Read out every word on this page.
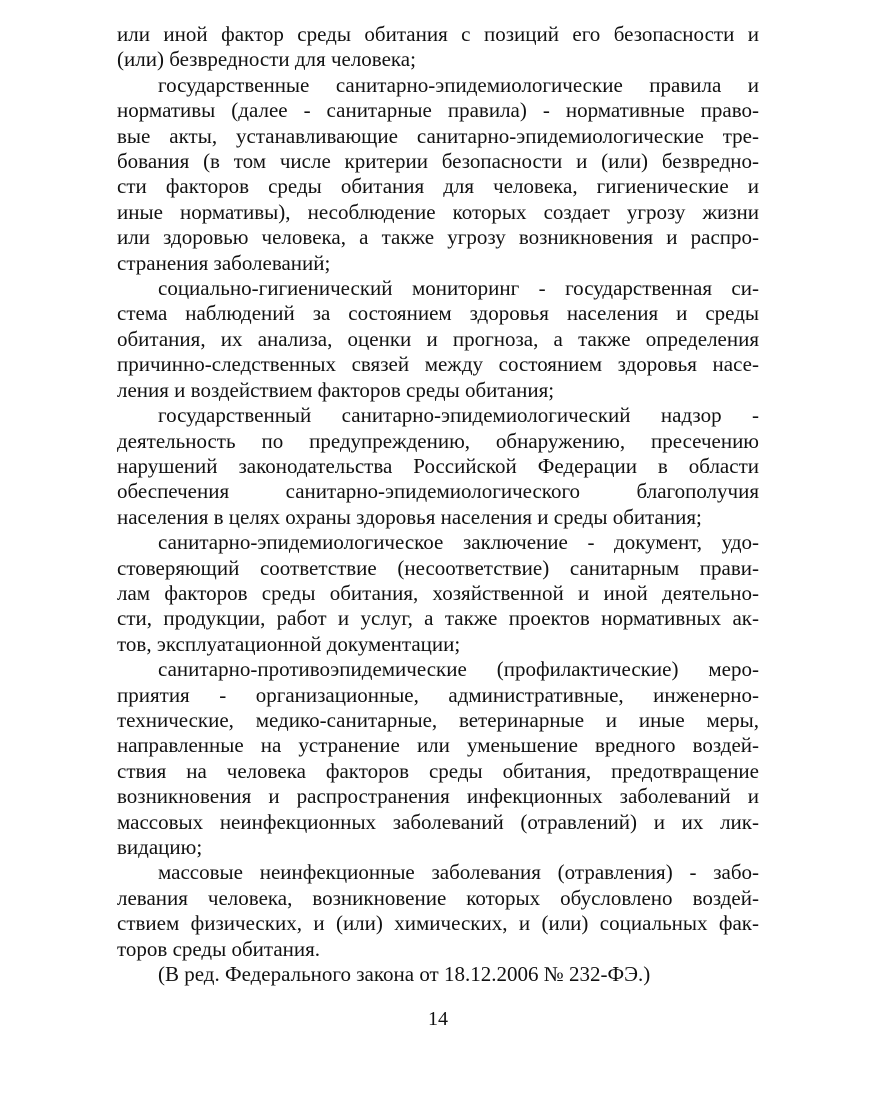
или иной фактор среды обитания с позиций его безопасности и
(или) безвредности для человека;
государственные санитарно-эпидемиологические правила и
нормативы (далее - санитарные правила) - нормативные право-
вые акты, устанавливающие санитарно-эпидемиологические тре-
бования (в том числе критерии безопасности и (или) безвредно-
сти факторов среды обитания для человека, гигиенические и
иные нормативы), несоблюдение которых создает угрозу жизни
или здоровью человека, а также угрозу возникновения и распро-
странения заболеваний;
социально-гигиенический мониторинг - государственная си-
стема наблюдений за состоянием здоровья населения и среды
обитания, их анализа, оценки и прогноза, а также определения
причинно-следственных связей между состоянием здоровья насе-
ления и воздействием факторов среды обитания;
государственный санитарно-эпидемиологический надзор -
деятельность по предупреждению, обнаружению, пресечению
нарушений законодательства Российской Федерации в области
обеспечения санитарно-эпидемиологического благополучия
населения в целях охраны здоровья населения и среды обитания;
санитарно-эпидемиологическое заключение - документ, удо-
стоверяющий соответствие (несоответствие) санитарным прави-
лам факторов среды обитания, хозяйственной и иной деятельно-
сти, продукции, работ и услуг, а также проектов нормативных ак-
тов, эксплуатационной документации;
санитарно-противоэпидемические (профилактические) меро-
приятия - организационные, административные, инженерно-
технические, медико-санитарные, ветеринарные и иные меры,
направленные на устранение или уменьшение вредного воздей-
ствия на человека факторов среды обитания, предотвращение
возникновения и распространения инфекционных заболеваний и
массовых неинфекционных заболеваний (отравлений) и их лик-
видацию;
массовые неинфекционные заболевания (отравления) - забо-
левания человека, возникновение которых обусловлено воздей-
ствием физических, и (или) химических, и (или) социальных фак-
торов среды обитания.
(В ред. Федерального закона от 18.12.2006 № 232-ФЭ.)
14
